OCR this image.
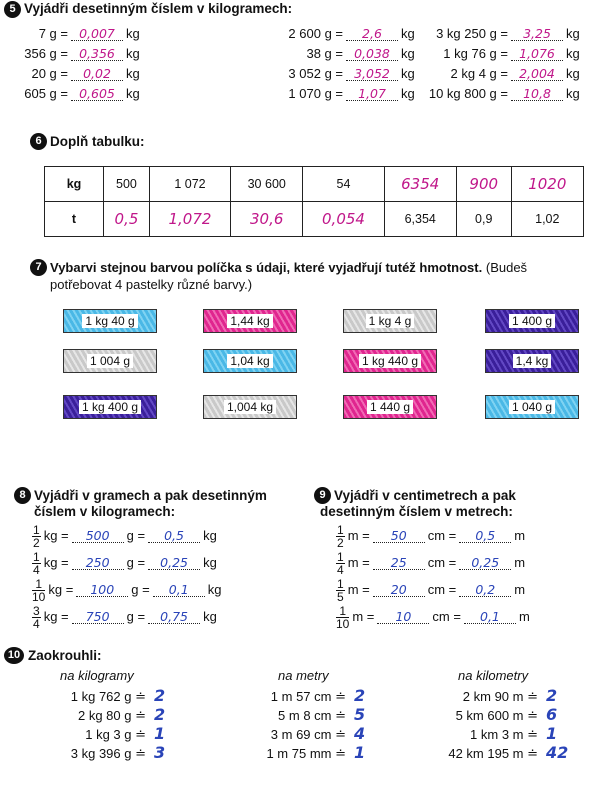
5 Vyjádři desetinným číslem v kilogramech:
7 g = 0,007 kg
356 g = 0,356 kg
20 g = 0,02 kg
605 g = 0,605 kg
2 600 g = 2,6 kg
38 g = 0,038 kg
3 052 g = 3,052 kg
1 070 g = 1,07 kg
3 kg 250 g = 3,25 kg
1 kg 76 g = 1,076 kg
2 kg 4 g = 2,004 kg
10 kg 800 g = 10,8 kg
6 Doplň tabulku:
kg	500	1 072	30 600	54	6354	900	1020
t	0,5	1,072	30,6	0,054	6,354	0,9	1,02
7 Vybarvi stejnou barvou políčka s údaji, které vyjadřují tutéž hmotnost. (Budeš
potřebovat 4 pastelky různé barvy.)
1 kg 40 g	1,44 kg	1 kg 4 g	1 400 g
1 004 g	1,04 kg	1 kg 440 g	1,4 kg
1 kg 400 g	1,004 kg	1 440 g	1 040 g
8 Vyjádři v gramech a pak desetinným
číslem v kilogramech:
$\frac{1}{2}$ kg = 500 g = 0,5 kg
$\frac{1}{4}$ kg = 250 g = 0,25 kg
$\frac{1}{10}$ kg = 100 g = 0,1 kg
$\frac{3}{4}$ kg = 750 g = 0,75 kg
9 Vyjádři v centimetrech a pak
desetinným číslem v metrech:
$\frac{1}{2}$ m = 50 cm = 0,5 m
$\frac{1}{4}$ m = 25 cm = 0,25 m
$\frac{1}{5}$ m = 20 cm = 0,2 m
$\frac{1}{10}$ m = 10 cm = 0,1 m
10 Zaokrouhli:
na kilogramy
1 kg 762 g ≐ 2
2 kg 80 g ≐ 2
1 kg 3 g ≐ 1
3 kg 396 g ≐ 3
na metry
1 m 57 cm ≐ 2
5 m 8 cm ≐ 5
3 m 69 cm ≐ 4
1 m 75 mm ≐ 1
na kilometry
2 km 90 m ≐ 2
5 km 600 m ≐ 6
1 km 3 m ≐ 1
42 km 195 m ≐ 42
